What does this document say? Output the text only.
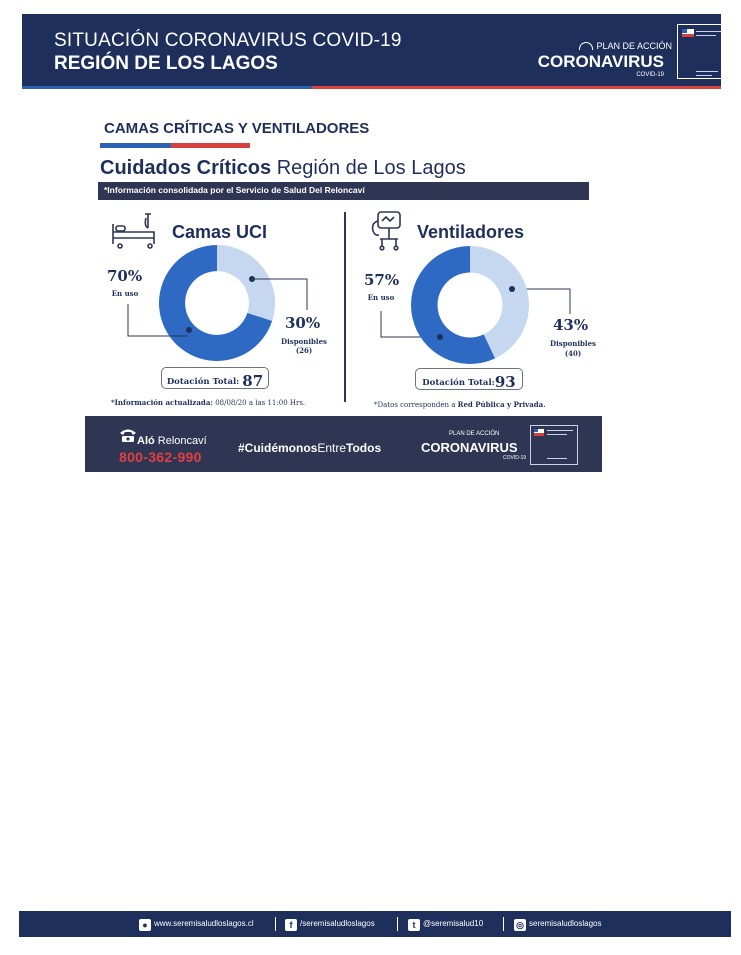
SITUACIÓN CORONAVIRUS COVID-19
REGIÓN DE LOS LAGOS
PLAN DE ACCIÓN
CORONAVIRUS
COVID-19
CAMAS CRÍTICAS Y VENTILADORES
Cuidados Críticos Región de Los Lagos
*Información consolidada por el Servicio de Salud Del Reloncaví
Camas UCI
70%
En uso
30%
Disponibles
(26)
Dotación Total: 87
*Información actualizada: 08/08/20 a las 11:00 Hrs.
Ventiladores
57%
En uso
43%
Disponibles
(40)
Dotación Total:93
*Datos corresponden a Red Pública y Privada.
Aló Reloncaví
800-362-990
#CuidémonosEntreTodos
PLAN DE ACCIÓN
CORONAVIRUS
COVID-19
● www.seremisaludloslagos.cl	f /seremisaludloslagos	t @seremisalud10	◎ seremisaludloslagos
